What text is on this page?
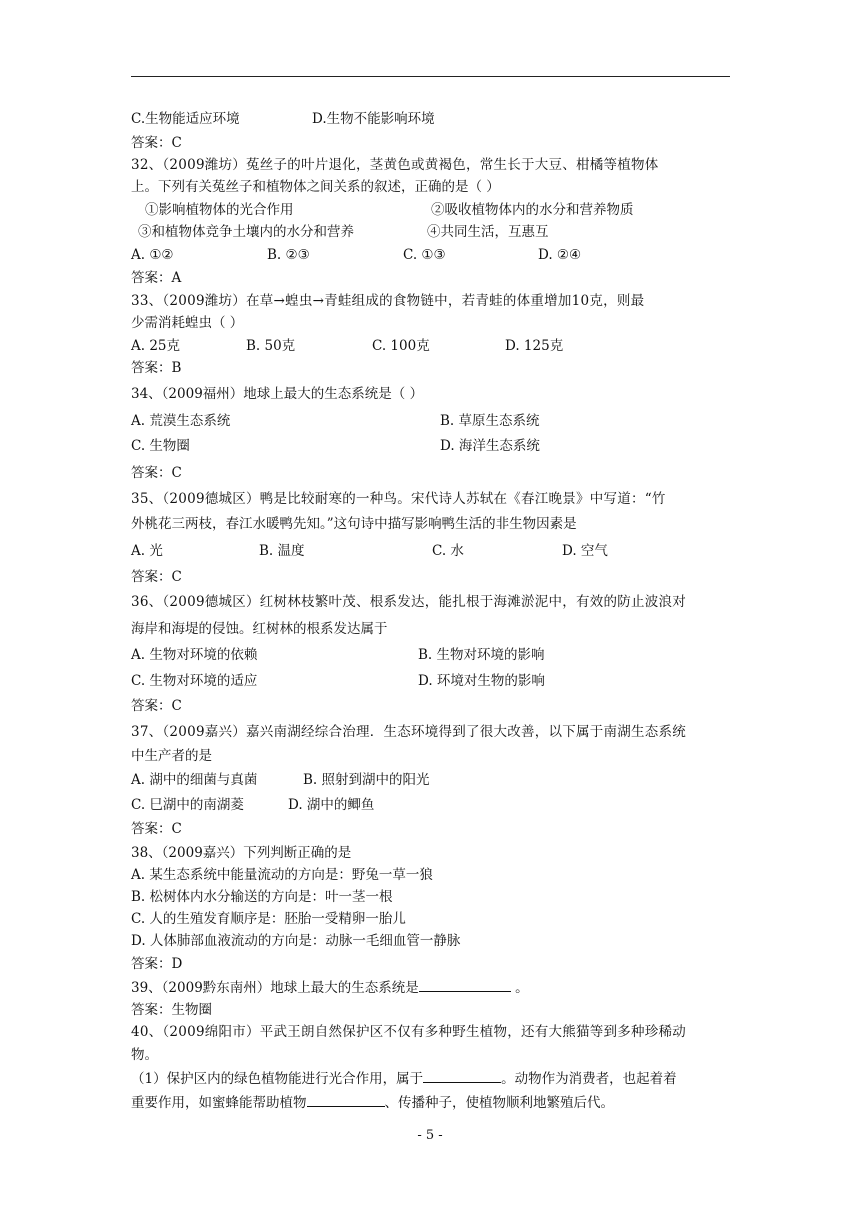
C.生物能适应环境	D.生物不能影响环境
答案：C
32、（2009潍坊）菟丝子的叶片退化，茎黄色或黄褐色，常生长于大豆、柑橘等植物体
上。下列有关菟丝子和植物体之间关系的叙述，正确的是（ ）
①影响植物体的光合作用	②吸收植物体内的水分和营养物质
③和植物体竞争土壤内的水分和营养	④共同生活，互惠互
A. ①②	B. ②③	C. ①③	D. ②④
答案：A
33、（2009潍坊）在草→蝗虫→青蛙组成的食物链中，若青蛙的体重增加10克，则最
少需消耗蝗虫（ ）
A. 25克	B. 50克	C. 100克	D. 125克
答案：B
34、（2009福州）地球上最大的生态系统是（ ）
A. 荒漠生态系统	B. 草原生态系统
C. 生物圈	D. 海洋生态系统
答案：C
35、（2009德城区）鸭是比较耐寒的一种鸟。宋代诗人苏轼在《春江晚景》中写道：“竹
外桃花三两枝，春江水暖鸭先知。”这句诗中描写影响鸭生活的非生物因素是
A. 光	B. 温度	C. 水	D. 空气
答案：C
36、（2009德城区）红树林枝繁叶茂、根系发达，能扎根于海滩淤泥中，有效的防止波浪对
海岸和海堤的侵蚀。红树林的根系发达属于
A. 生物对环境的依赖	B. 生物对环境的影响
C. 生物对环境的适应	D. 环境对生物的影响
答案：C
37、（2009嘉兴）嘉兴南湖经综合治理．生态环境得到了很大改善，以下属于南湖生态系统
中生产者的是
A. 湖中的细菌与真菌	B. 照射到湖中的阳光
C. 巳湖中的南湖菱	D. 湖中的鲫鱼
答案：C
38、（2009嘉兴）下列判断正确的是
A. 某生态系统中能量流动的方向是：野兔一草一狼
B. 松树体内水分输送的方向是：叶一茎一根
C. 人的生殖发育顺序是：胚胎一受精卵一胎儿
D. 人体肺部血液流动的方向是：动脉一毛细血管一静脉
答案：D
39、（2009黔东南州）地球上最大的生态系统是	。
答案：生物圈
40、（2009绵阳市）平武王朗自然保护区不仅有多种野生植物，还有大熊猫等到多种珍稀动
物。
（1）保护区内的绿色植物能进行光合作用，属于	。动物作为消费者，也起着着
重要作用，如蜜蜂能帮助植物	、传播种子，使植物顺利地繁殖后代。
- 5 -
